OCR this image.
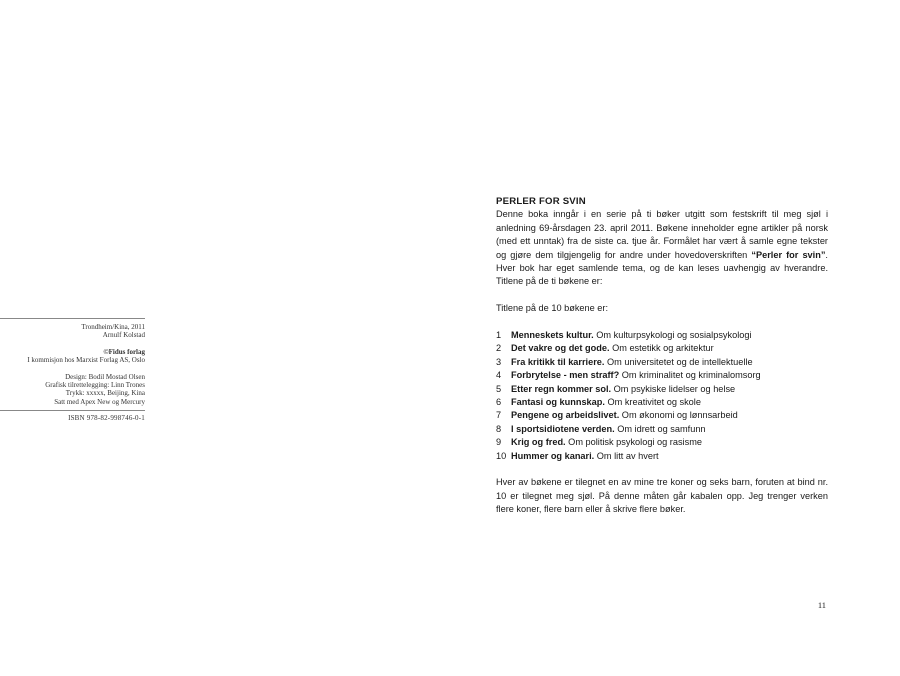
Trondheim/Kina, 2011
Arnulf Kolstad
©Fidus forlag
I kommisjon hos Marxist Forlag AS, Oslo
Design: Bodil Mostad Olsen
Grafisk tilrettelegging: Linn Trones
Trykk: xxxxx, Beijing, Kina
Satt med Apex New og Mercury
ISBN 978-82-998746-0-1
PERLER FOR SVIN

Denne boka inngår i en serie på ti bøker utgitt som festskrift til meg sjøl i anledning 69-årsdagen 23. april 2011. Bøkene inneholder egne artikler på norsk (med ett unntak) fra de siste ca. tjue år. Formålet har vært å samle egne tekster og gjøre dem tilgjengelig for andre under hovedoverskriften “Perler for svin”. Hver bok har eget samlende tema, og de kan leses uavhengig av hverandre. Titlene på de ti bøkene er:

Titlene på de 10 bøkene er:

1	Menneskets kultur. Om kulturpsykologi og sosialpsykologi
2	Det vakre og det gode. Om estetikk og arkitektur
3	Fra kritikk til karriere. Om universitetet og de intellektuelle
4	Forbrytelse - men straff? Om kriminalitet og kriminalomsorg
5	Etter regn kommer sol. Om psykiske lidelser og helse
6	Fantasi og kunnskap. Om kreativitet og skole
7	Pengene og arbeidslivet. Om økonomi og lønnsarbeid
8	I sportsidiotene verden. Om idrett og samfunn
9	Krig og fred. Om politisk psykologi og rasisme
10 Hummer og kanari. Om litt av hvert

Hver av bøkene er tilegnet en av mine tre koner og seks barn, foruten at bind nr. 10 er tilegnet meg sjøl. På denne måten går kabalen opp. Jeg trenger verken flere koner, flere barn eller å skrive flere bøker.

11
